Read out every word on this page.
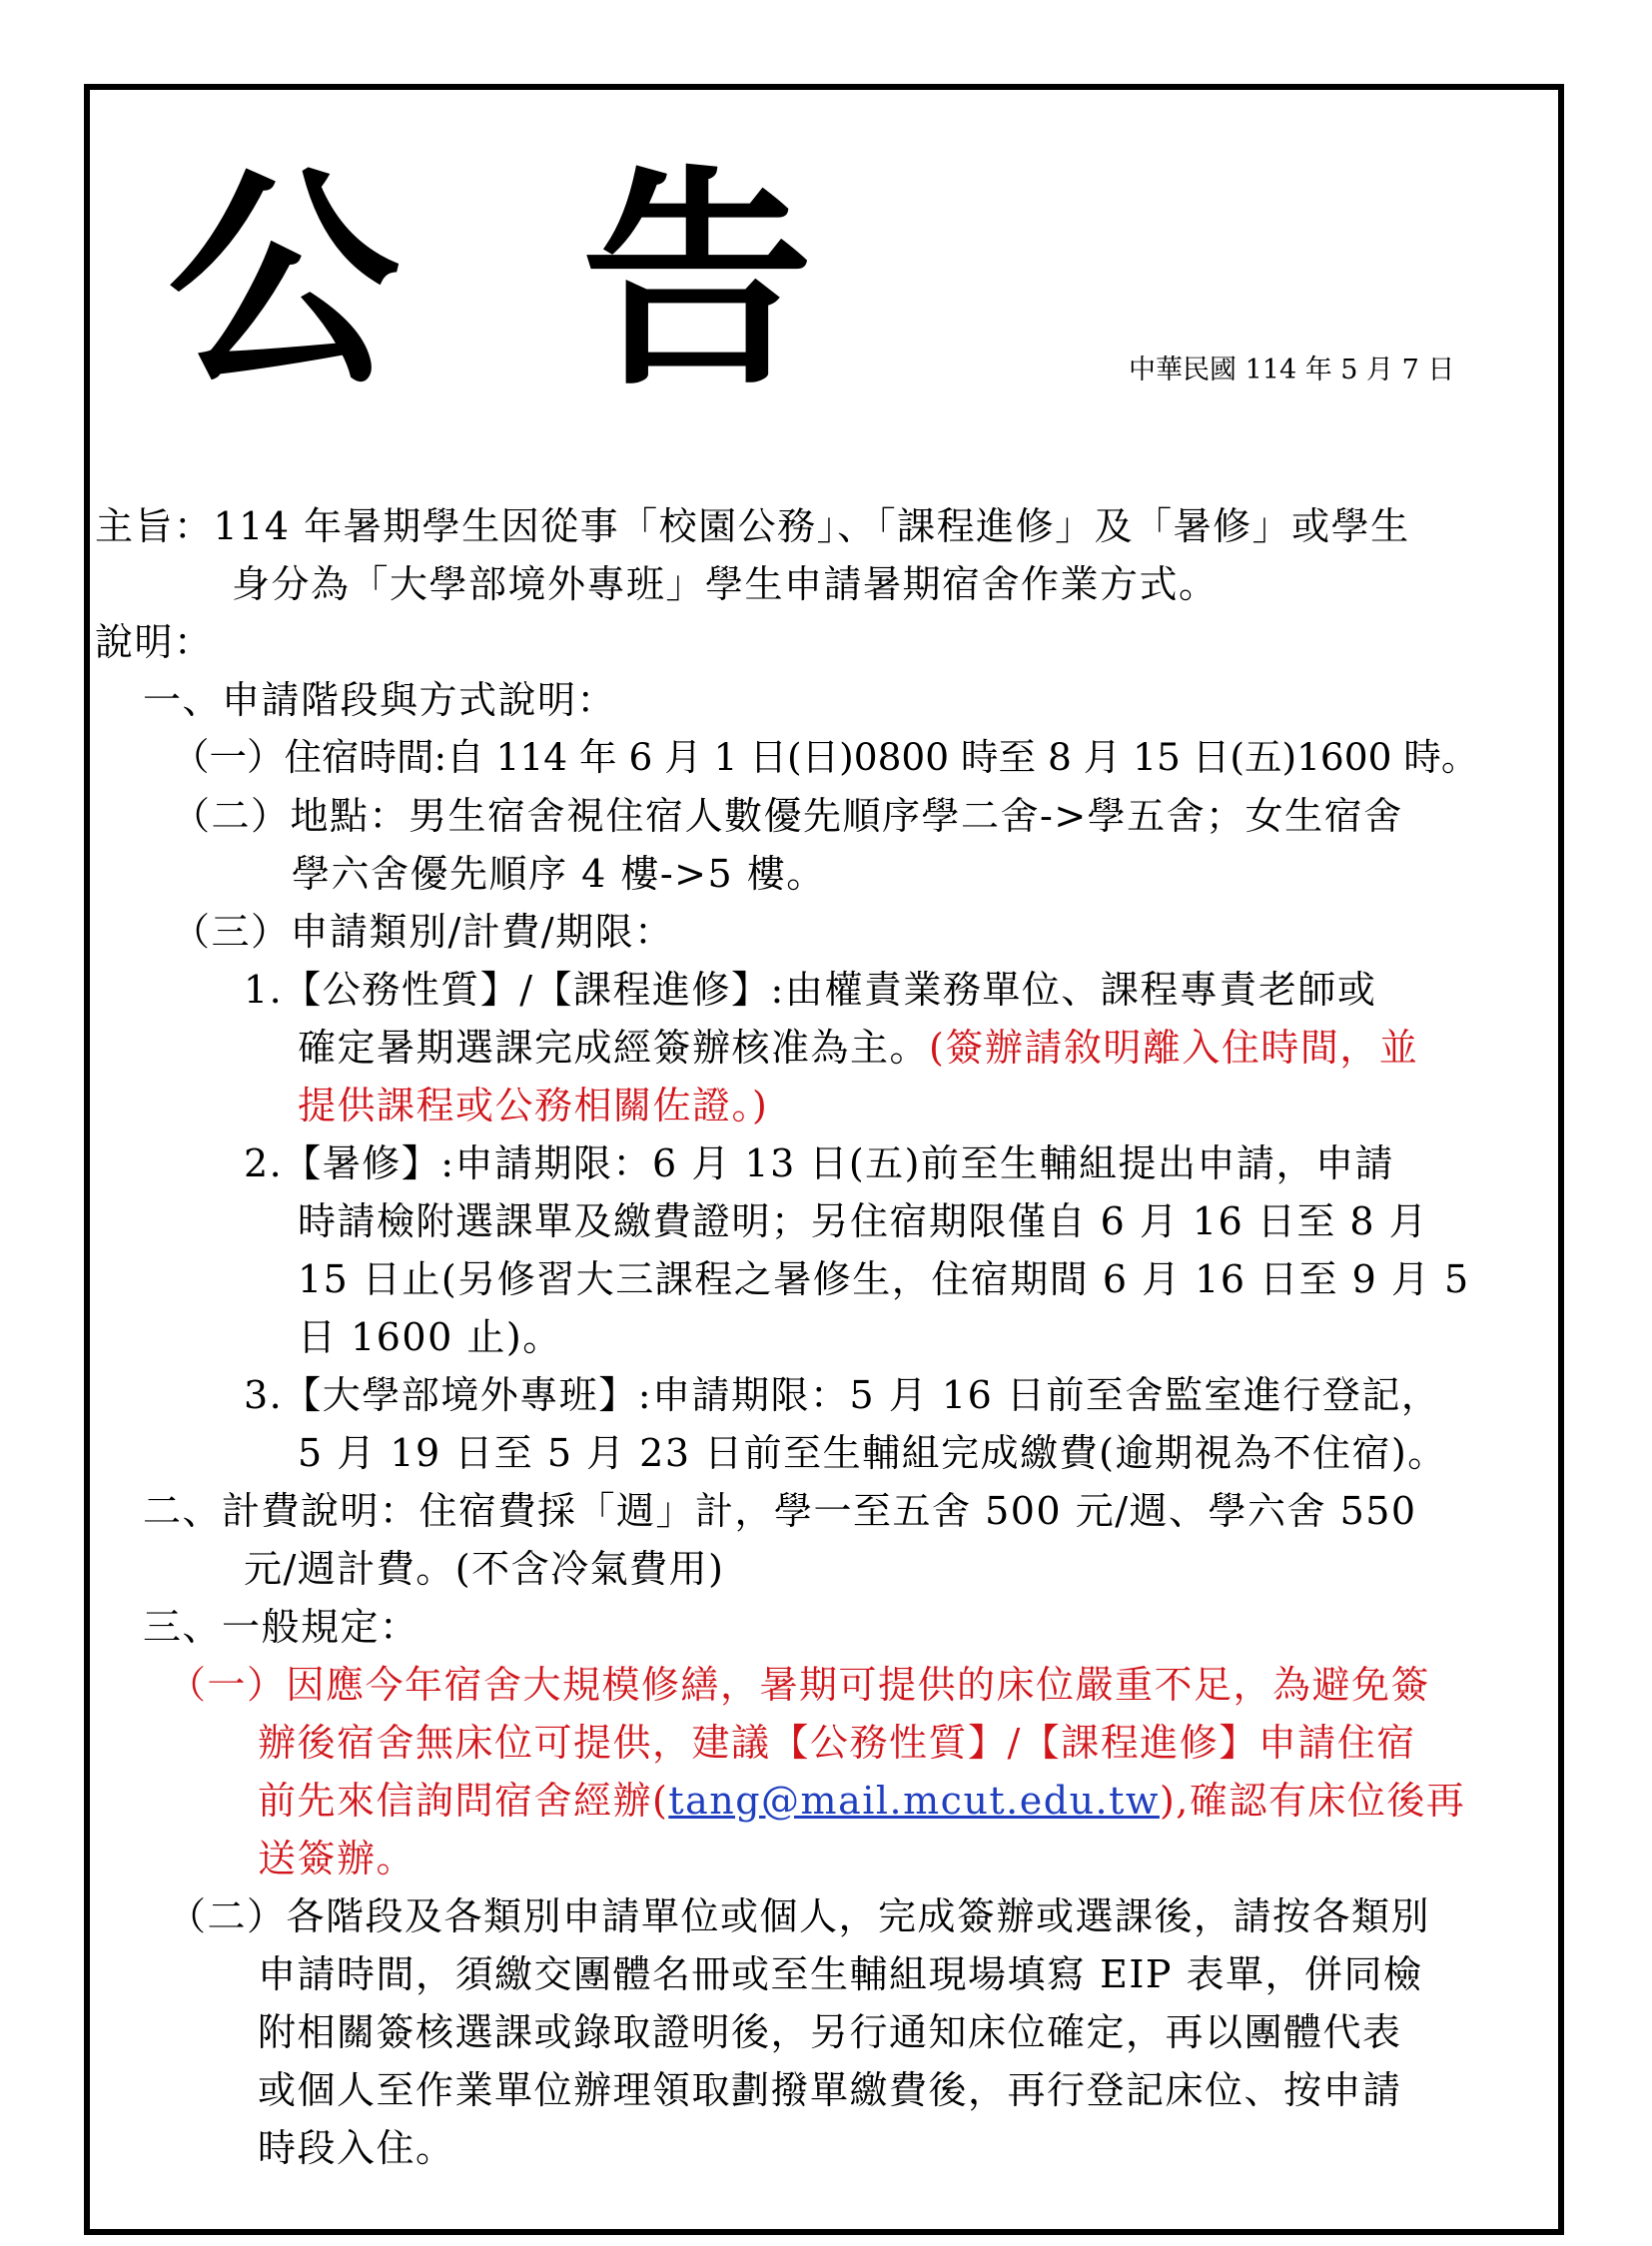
公 告	中華民國 114 年 5 月 7 日
主旨：114 年暑期學生因從事「校園公務」、「課程進修」及「暑修」或學生
身分為「大學部境外專班」學生申請暑期宿舍作業方式。
說明：
一、申請階段與方式說明：
（一）住宿時間:自 114 年 6 月 1 日(日)0800 時至 8 月 15 日(五)1600 時。
（二）地點：男生宿舍視住宿人數優先順序學二舍->學五舍；女生宿舍
學六舍優先順序 4 樓->5 樓。
（三）申請類別/計費/期限：
1.【公務性質】/【課程進修】:由權責業務單位、課程專責老師或
確定暑期選課完成經簽辦核准為主。(簽辦請敘明離入住時間，並
提供課程或公務相關佐證。)
2.【暑修】:申請期限：6 月 13 日(五)前至生輔組提出申請，申請
時請檢附選課單及繳費證明；另住宿期限僅自 6 月 16 日至 8 月
15 日止(另修習大三課程之暑修生，住宿期間 6 月 16 日至 9 月 5
日 1600 止)。
3.【大學部境外專班】:申請期限：5 月 16 日前至舍監室進行登記，
5 月 19 日至 5 月 23 日前至生輔組完成繳費(逾期視為不住宿)。
二、計費說明：住宿費採「週」計，學一至五舍 500 元/週、學六舍 550
元/週計費。(不含冷氣費用)
三、一般規定：
（一）因應今年宿舍大規模修繕，暑期可提供的床位嚴重不足，為避免簽
辦後宿舍無床位可提供，建議【公務性質】/【課程進修】申請住宿
前先來信詢問宿舍經辦(tang@mail.mcut.edu.tw),確認有床位後再
送簽辦。
（二）各階段及各類別申請單位或個人，完成簽辦或選課後，請按各類別
申請時間，須繳交團體名冊或至生輔組現場填寫 EIP 表單，併同檢
附相關簽核選課或錄取證明後，另行通知床位確定，再以團體代表
或個人至作業單位辦理領取劃撥單繳費後，再行登記床位、按申請
時段入住。
